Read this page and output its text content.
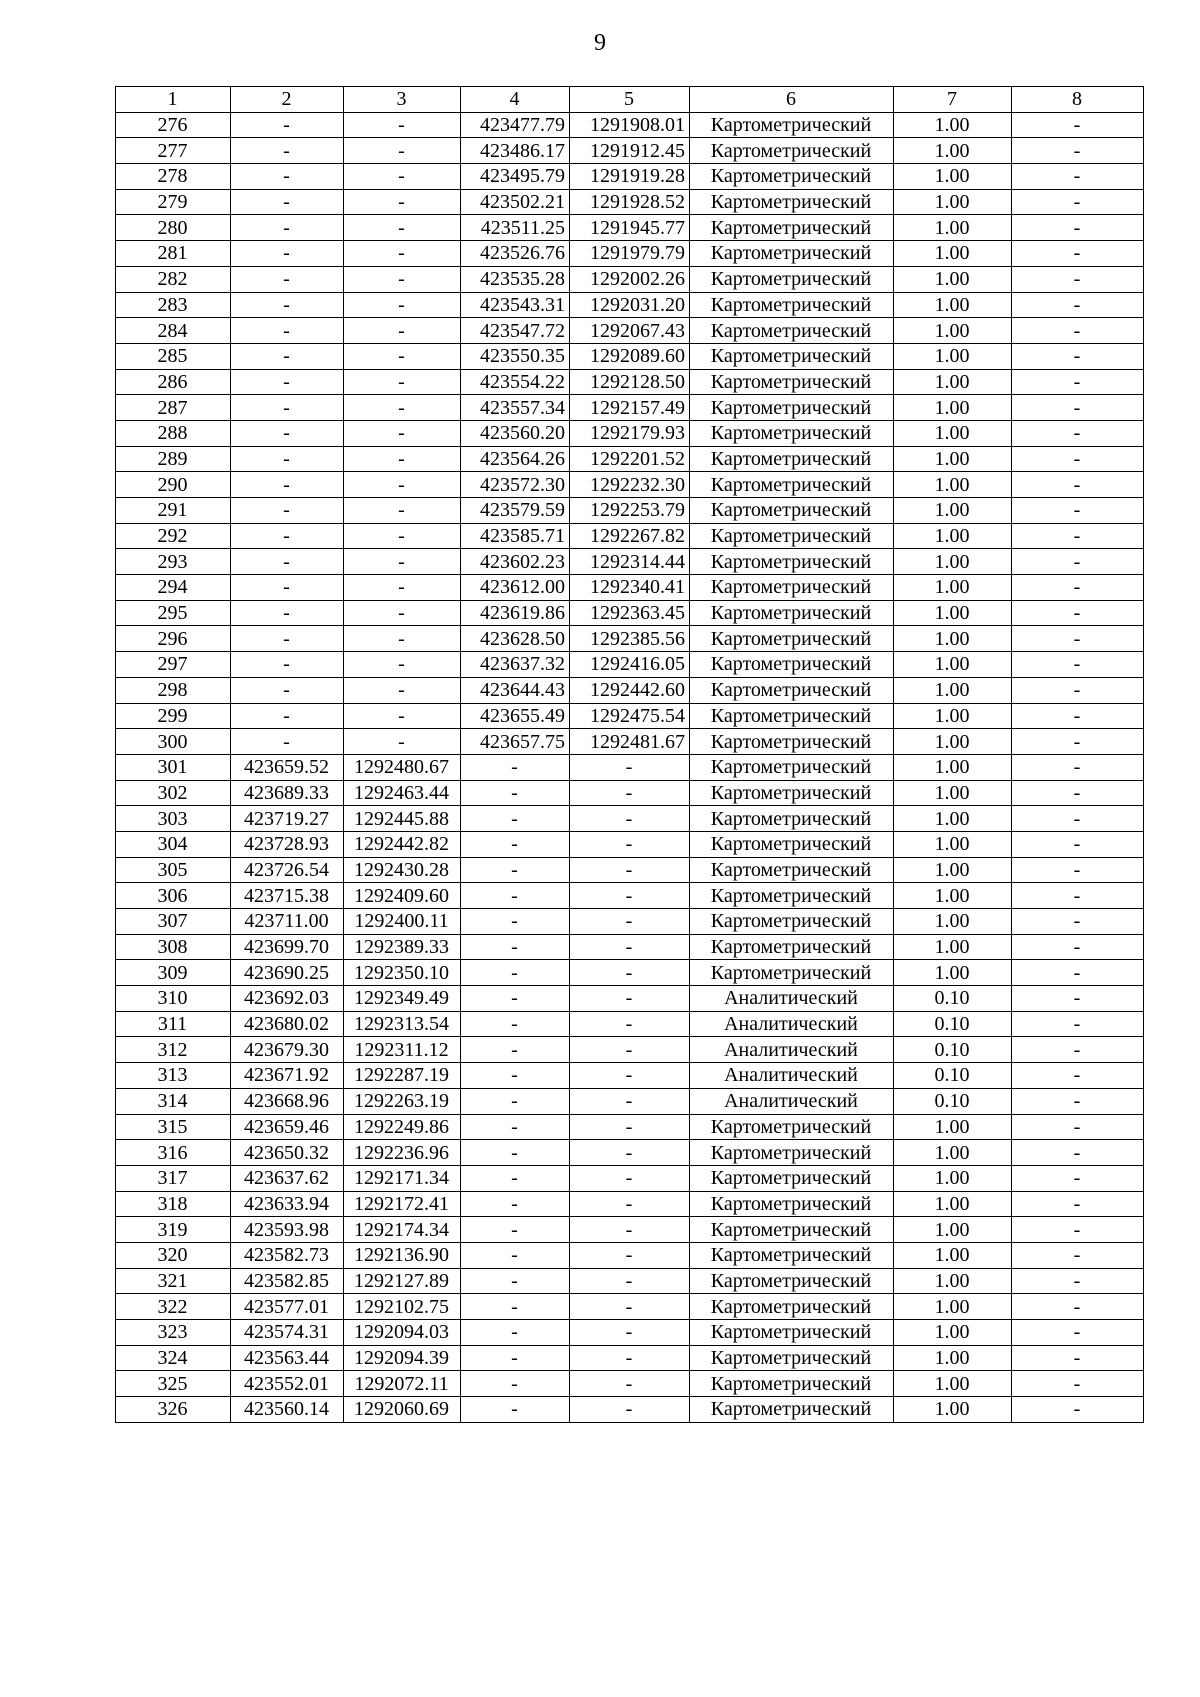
9
1	2	3	4	5	6	7	8
276	-	-	423477.79	1291908.01	Картометрический	1.00	-
277	-	-	423486.17	1291912.45	Картометрический	1.00	-
278	-	-	423495.79	1291919.28	Картометрический	1.00	-
279	-	-	423502.21	1291928.52	Картометрический	1.00	-
280	-	-	423511.25	1291945.77	Картометрический	1.00	-
281	-	-	423526.76	1291979.79	Картометрический	1.00	-
282	-	-	423535.28	1292002.26	Картометрический	1.00	-
283	-	-	423543.31	1292031.20	Картометрический	1.00	-
284	-	-	423547.72	1292067.43	Картометрический	1.00	-
285	-	-	423550.35	1292089.60	Картометрический	1.00	-
286	-	-	423554.22	1292128.50	Картометрический	1.00	-
287	-	-	423557.34	1292157.49	Картометрический	1.00	-
288	-	-	423560.20	1292179.93	Картометрический	1.00	-
289	-	-	423564.26	1292201.52	Картометрический	1.00	-
290	-	-	423572.30	1292232.30	Картометрический	1.00	-
291	-	-	423579.59	1292253.79	Картометрический	1.00	-
292	-	-	423585.71	1292267.82	Картометрический	1.00	-
293	-	-	423602.23	1292314.44	Картометрический	1.00	-
294	-	-	423612.00	1292340.41	Картометрический	1.00	-
295	-	-	423619.86	1292363.45	Картометрический	1.00	-
296	-	-	423628.50	1292385.56	Картометрический	1.00	-
297	-	-	423637.32	1292416.05	Картометрический	1.00	-
298	-	-	423644.43	1292442.60	Картометрический	1.00	-
299	-	-	423655.49	1292475.54	Картометрический	1.00	-
300	-	-	423657.75	1292481.67	Картометрический	1.00	-
301	423659.52	1292480.67	-	-	Картометрический	1.00	-
302	423689.33	1292463.44	-	-	Картометрический	1.00	-
303	423719.27	1292445.88	-	-	Картометрический	1.00	-
304	423728.93	1292442.82	-	-	Картометрический	1.00	-
305	423726.54	1292430.28	-	-	Картометрический	1.00	-
306	423715.38	1292409.60	-	-	Картометрический	1.00	-
307	423711.00	1292400.11	-	-	Картометрический	1.00	-
308	423699.70	1292389.33	-	-	Картометрический	1.00	-
309	423690.25	1292350.10	-	-	Картометрический	1.00	-
310	423692.03	1292349.49	-	-	Аналитический	0.10	-
311	423680.02	1292313.54	-	-	Аналитический	0.10	-
312	423679.30	1292311.12	-	-	Аналитический	0.10	-
313	423671.92	1292287.19	-	-	Аналитический	0.10	-
314	423668.96	1292263.19	-	-	Аналитический	0.10	-
315	423659.46	1292249.86	-	-	Картометрический	1.00	-
316	423650.32	1292236.96	-	-	Картометрический	1.00	-
317	423637.62	1292171.34	-	-	Картометрический	1.00	-
318	423633.94	1292172.41	-	-	Картометрический	1.00	-
319	423593.98	1292174.34	-	-	Картометрический	1.00	-
320	423582.73	1292136.90	-	-	Картометрический	1.00	-
321	423582.85	1292127.89	-	-	Картометрический	1.00	-
322	423577.01	1292102.75	-	-	Картометрический	1.00	-
323	423574.31	1292094.03	-	-	Картометрический	1.00	-
324	423563.44	1292094.39	-	-	Картометрический	1.00	-
325	423552.01	1292072.11	-	-	Картометрический	1.00	-
326	423560.14	1292060.69	-	-	Картометрический	1.00	-
